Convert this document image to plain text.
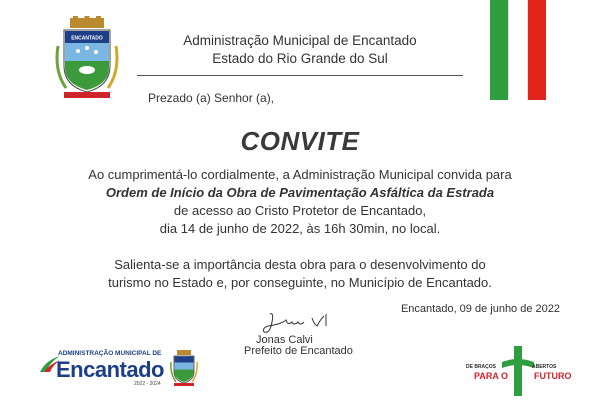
ENCANTADO	Administração Municipal de Encantado
Estado do Rio Grande do Sul
Prezado (a) Senhor (a),
CONVITE
Ao cumprimentá-lo cordialmente, a Administração Municipal convida para
Ordem de Início da Obra de Pavimentação Asfáltica da Estrada
de acesso ao Cristo Protetor de Encantado,
dia 14 de junho de 2022, às 16h 30min, no local.
Salienta-se a importância desta obra para o desenvolvimento do
turismo no Estado e, por conseguinte, no Município de Encantado.
Encantado, 09 de junho de 2022
Jonas Calvi
Prefeito de Encantado
ADMINISTRAÇÃO MUNICIPAL DE
Encantado
2022 - 2024
DE BRAÇOS	ABERTOS
PARA O	FUTURO
